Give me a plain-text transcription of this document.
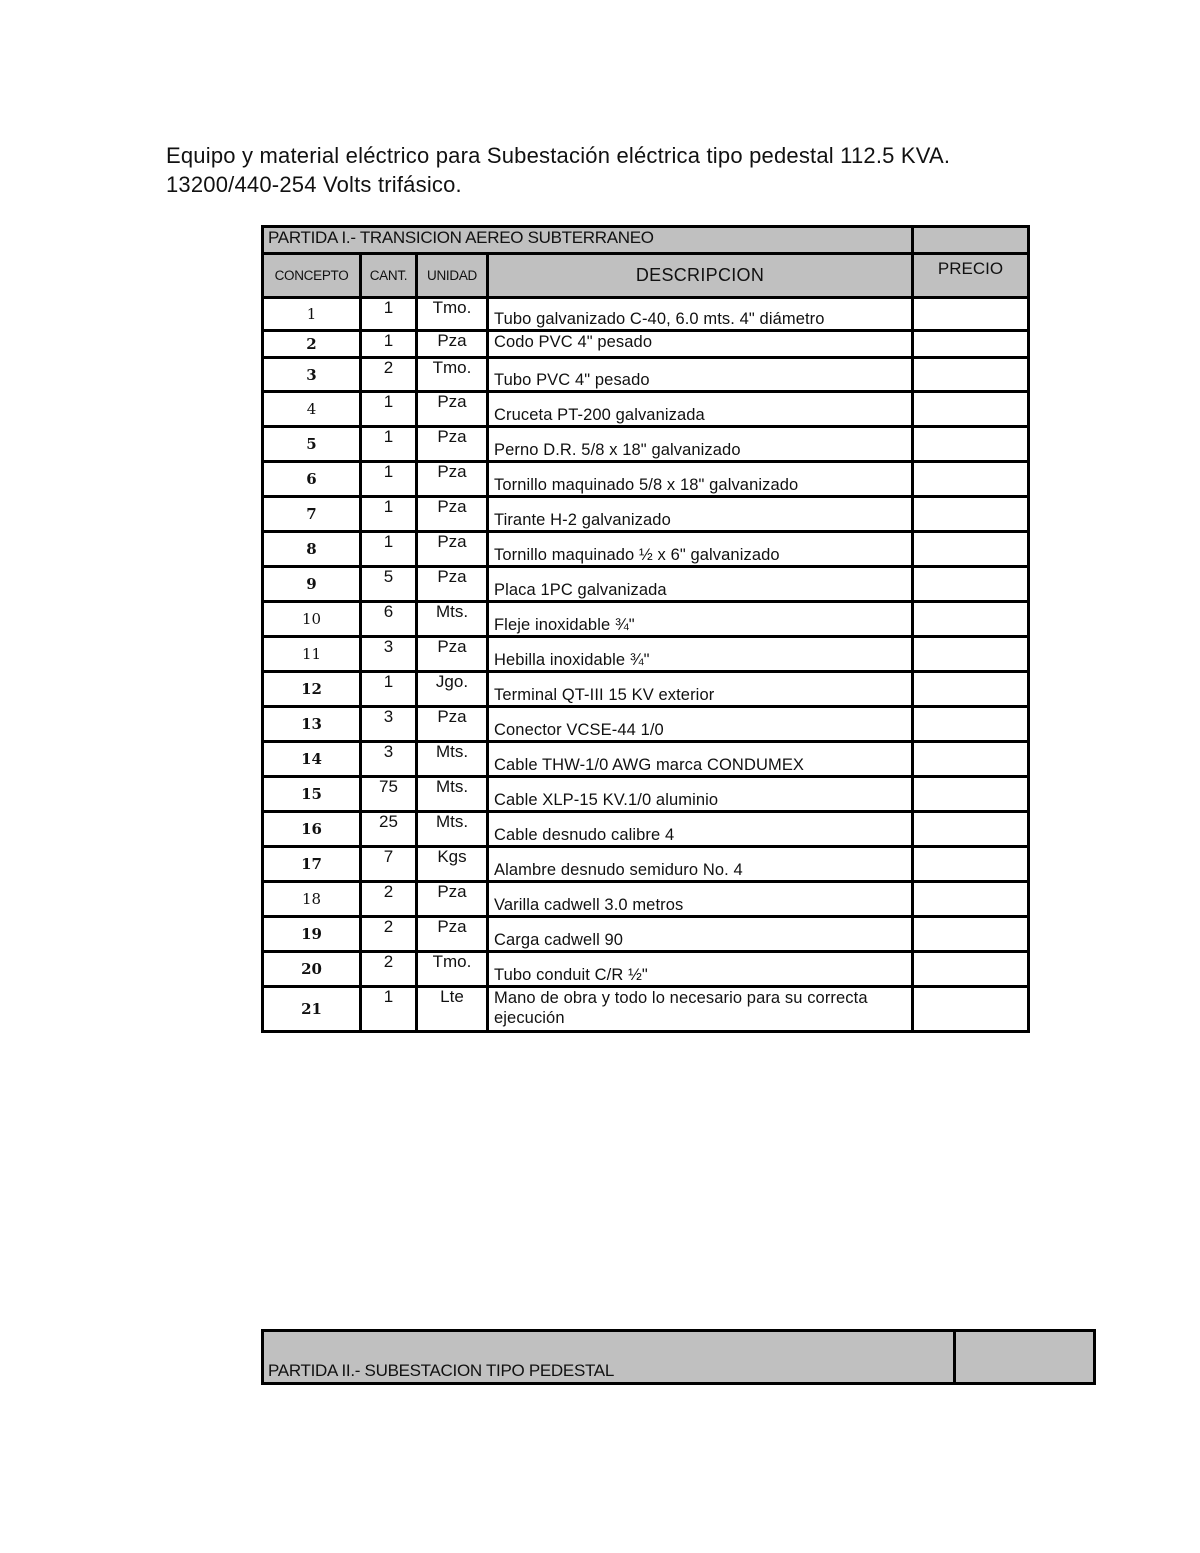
Equipo y material eléctrico para Subestación eléctrica tipo pedestal 112.5 KVA.
13200/440-254 Volts trifásico.
PARTIDA I.- TRANSICION AEREO SUBTERRANEO				
CONCEPTO	CANT.	UNIDAD	DESCRIPCION	PRECIO
1	1	Tmo.	Tubo galvanizado C-40, 6.0 mts. 4" diámetro	
2	1	Pza	Codo PVC 4" pesado	
3	2	Tmo.	Tubo PVC 4" pesado	
4	1	Pza	Cruceta PT-200 galvanizada	
5	1	Pza	Perno D.R. 5/8 x 18" galvanizado	
6	1	Pza	Tornillo maquinado 5/8 x 18" galvanizado	
7	1	Pza	Tirante H-2 galvanizado	
8	1	Pza	Tornillo maquinado ½ x 6" galvanizado	
9	5	Pza	Placa 1PC galvanizada	
10	6	Mts.	Fleje inoxidable ¾"	
11	3	Pza	Hebilla inoxidable ¾"	
12	1	Jgo.	Terminal QT-III 15 KV exterior	
13	3	Pza	Conector VCSE-44 1/0	
14	3	Mts.	Cable THW-1/0 AWG marca CONDUMEX	
15	75	Mts.	Cable XLP-15 KV.1/0 aluminio	
16	25	Mts.	Cable desnudo calibre 4	
17	7	Kgs	Alambre desnudo semiduro No. 4	
18	2	Pza	Varilla cadwell 3.0 metros	
19	2	Pza	Carga cadwell 90	
20	2	Tmo.	Tubo conduit C/R ½"	
21	1	Lte	Mano de obra y todo lo necesario para su correcta ejecución	
PARTIDA II.- SUBESTACION TIPO PEDESTAL	
